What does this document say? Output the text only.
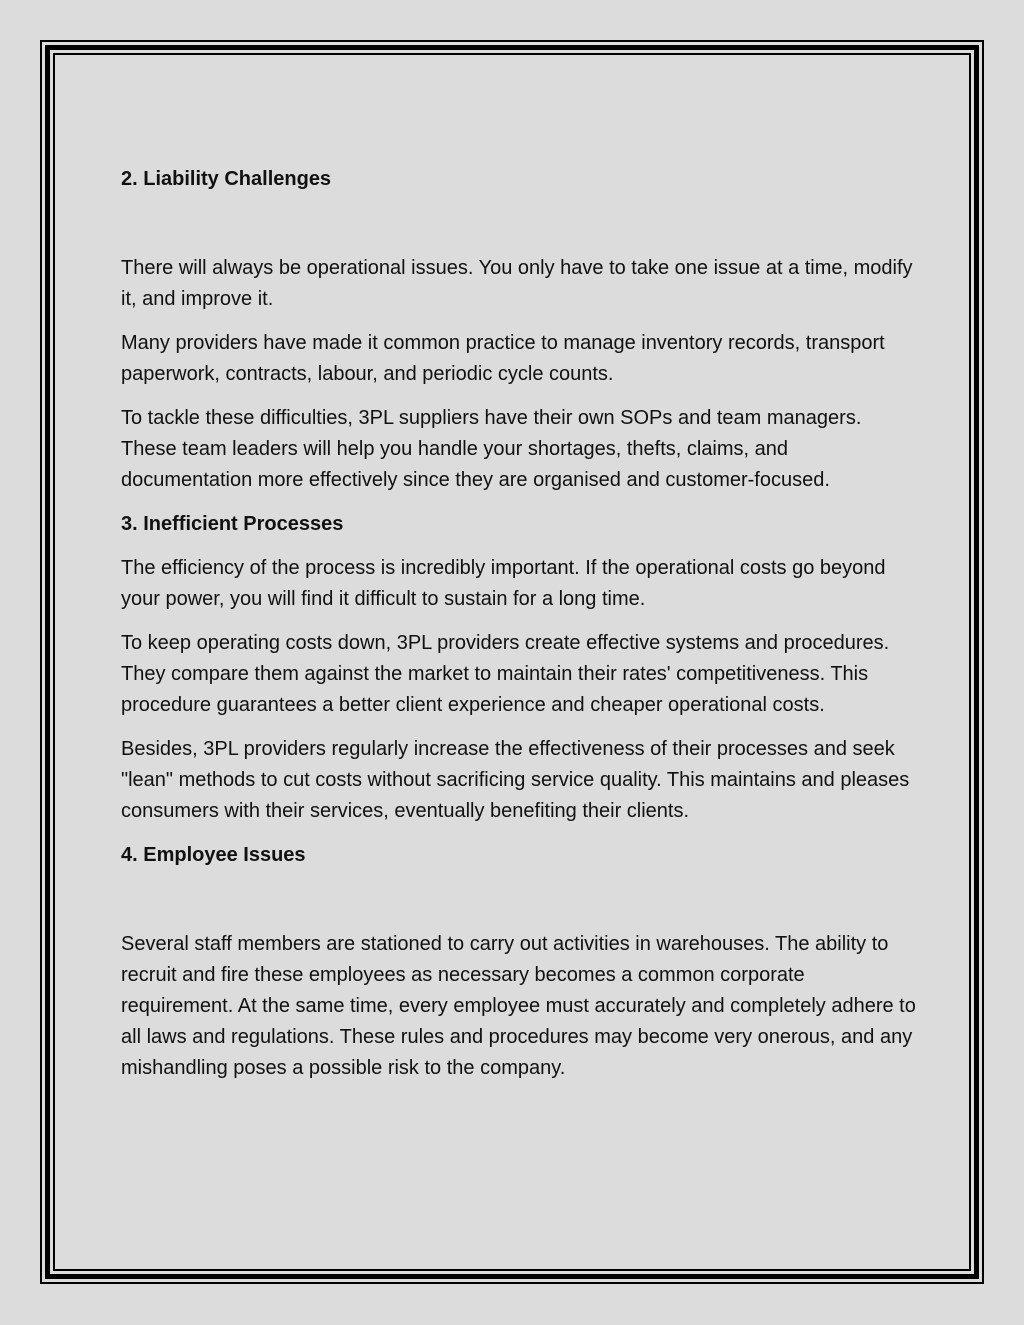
2. Liability Challenges

There will always be operational issues. You only have to take one issue at a time, modify it, and improve it.

Many providers have made it common practice to manage inventory records, transport paperwork, contracts, labour, and periodic cycle counts.

To tackle these difficulties, 3PL suppliers have their own SOPs and team managers. These team leaders will help you handle your shortages, thefts, claims, and documentation more effectively since they are organised and customer-focused.

3. Inefficient Processes

The efficiency of the process is incredibly important. If the operational costs go beyond your power, you will find it difficult to sustain for a long time.

To keep operating costs down, 3PL providers create effective systems and procedures. They compare them against the market to maintain their rates' competitiveness. This procedure guarantees a better client experience and cheaper operational costs.

Besides, 3PL providers regularly increase the effectiveness of their processes and seek "lean" methods to cut costs without sacrificing service quality. This maintains and pleases consumers with their services, eventually benefiting their clients.

4. Employee Issues

Several staff members are stationed to carry out activities in warehouses. The ability to recruit and fire these employees as necessary becomes a common corporate requirement. At the same time, every employee must accurately and completely adhere to all laws and regulations. These rules and procedures may become very onerous, and any mishandling poses a possible risk to the company.
